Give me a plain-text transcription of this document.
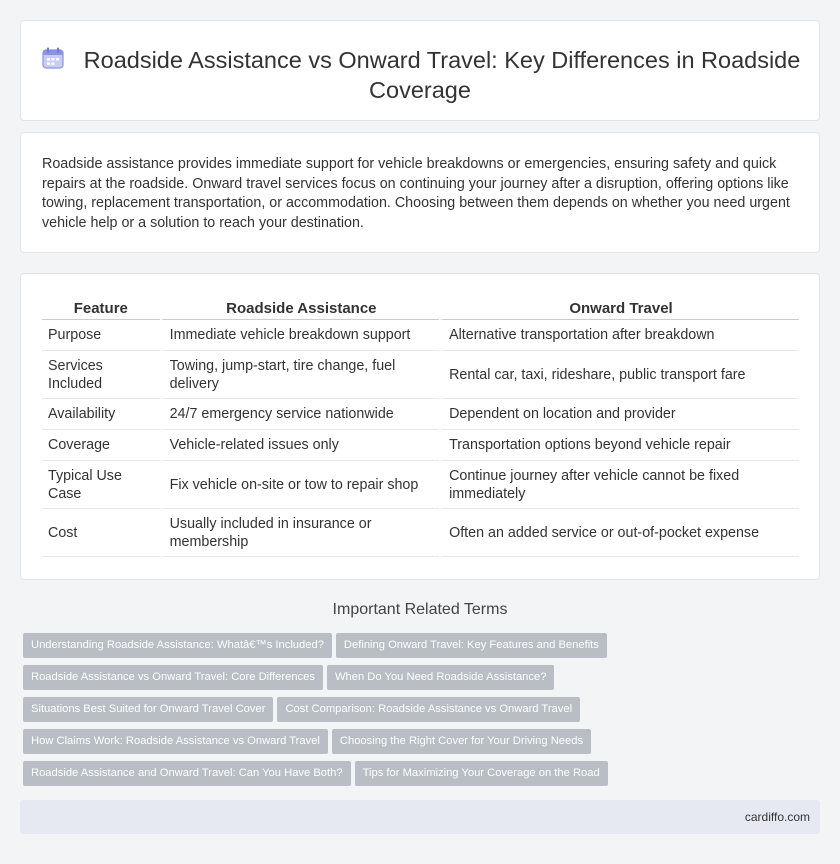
Roadside Assistance vs Onward Travel: Key Differences in Roadside Coverage

Roadside assistance provides immediate support for vehicle breakdowns or emergencies, ensuring safety and quick repairs at the roadside. Onward travel services focus on continuing your journey after a disruption, offering options like towing, replacement transportation, or accommodation. Choosing between them depends on whether you need urgent vehicle help or a solution to reach your destination.

Feature	Roadside Assistance	Onward Travel
Purpose	Immediate vehicle breakdown support	Alternative transportation after breakdown
Services Included	Towing, jump-start, tire change, fuel delivery	Rental car, taxi, rideshare, public transport fare
Availability	24/7 emergency service nationwide	Dependent on location and provider
Coverage	Vehicle-related issues only	Transportation options beyond vehicle repair
Typical Use Case	Fix vehicle on-site or tow to repair shop	Continue journey after vehicle cannot be fixed immediately
Cost	Usually included in insurance or membership	Often an added service or out-of-pocket expense
Important Related Terms
Understanding Roadside Assistance: Whatâ€™s Included? Defining Onward Travel: Key Features and Benefits
Roadside Assistance vs Onward Travel: Core Differences When Do You Need Roadside Assistance?
Situations Best Suited for Onward Travel Cover Cost Comparison: Roadside Assistance vs Onward Travel
How Claims Work: Roadside Assistance vs Onward Travel Choosing the Right Cover for Your Driving Needs
Roadside Assistance and Onward Travel: Can You Have Both? Tips for Maximizing Your Coverage on the Road
cardiffo.com
